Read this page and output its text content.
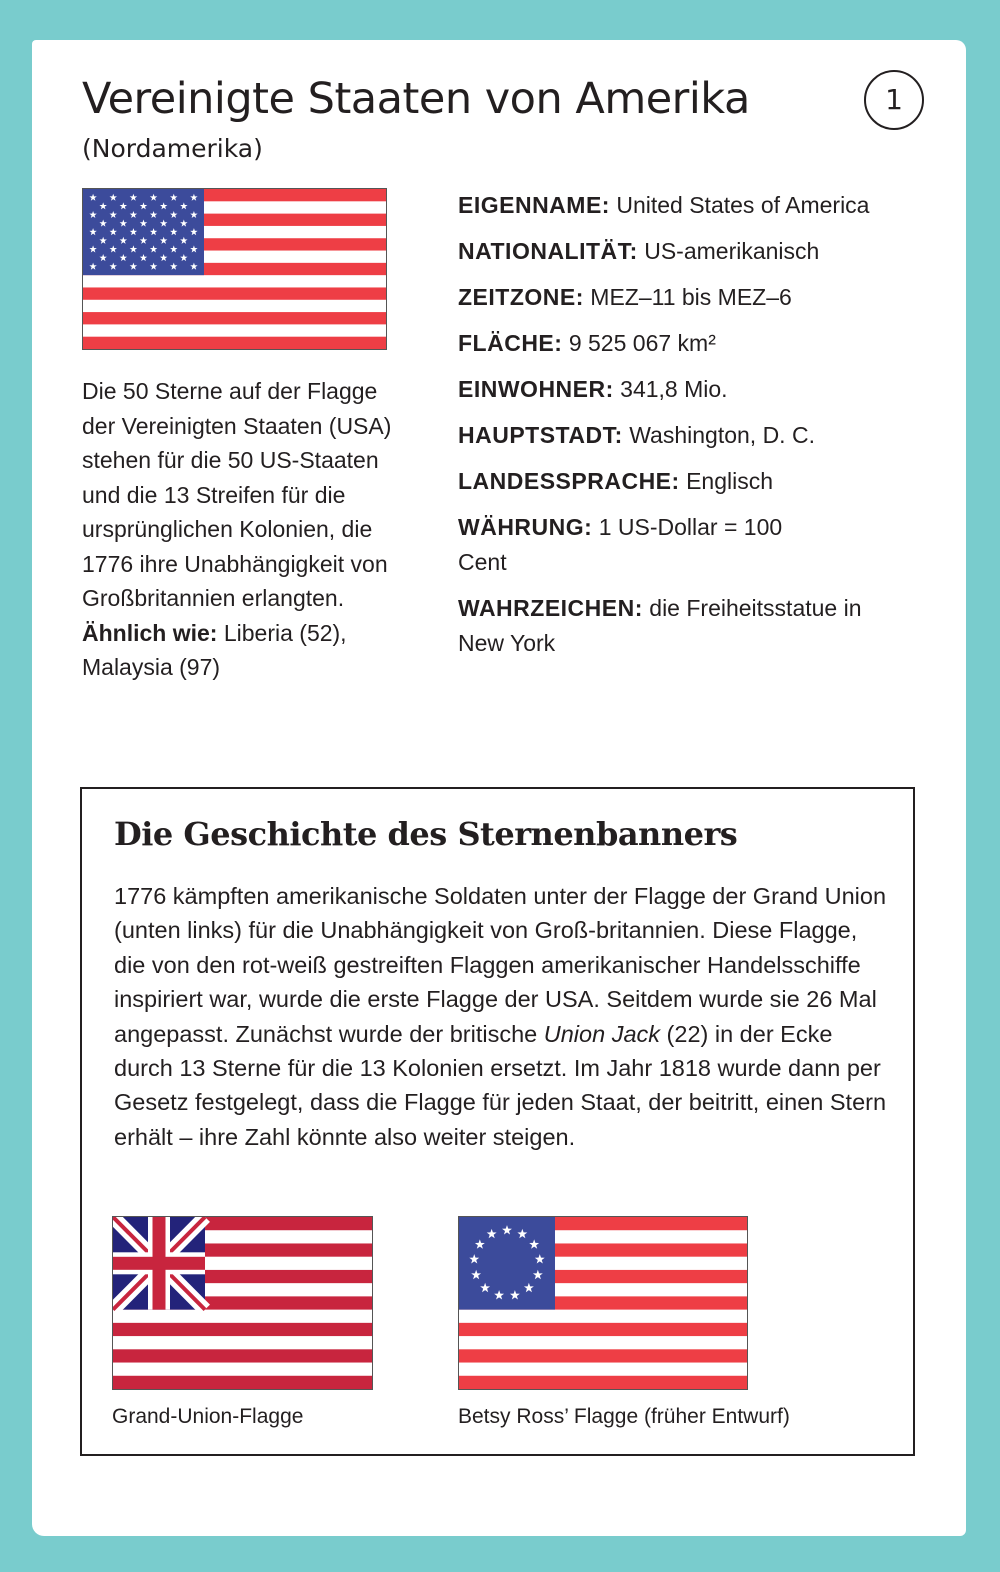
Vereinigte Staaten von Amerika
(Nordamerika)
1
Die 50 Sterne auf der Flagge der Vereinigten Staaten (USA) stehen für die 50 US-Staaten und die 13 Streifen für die ursprünglichen Kolonien, die 1776 ihre Unabhängigkeit von Großbritannien erlangten. Ähnlich wie: Liberia (52), Malaysia (97)
EIGENNAME: United States of America
NATIONALITÄT: US-amerikanisch
ZEITZONE: MEZ–11 bis MEZ–6
FLÄCHE: 9 525 067 km²
EINWOHNER: 341,8 Mio.
HAUPTSTADT: Washington, D. C.
LANDESSPRACHE: Englisch
WÄHRUNG: 1 US-Dollar = 100 Cent
WAHRZEICHEN: die Freiheitsstatue in New York
Die Geschichte des Sternenbanners
1776 kämpften amerikanische Soldaten unter der Flagge der Grand Union (unten links) für die Unabhängigkeit von Groß-britannien. Diese Flagge, die von den rot-weiß gestreiften Flaggen amerikanischer Handelsschiffe inspiriert war, wurde die erste Flagge der USA. Seitdem wurde sie 26 Mal angepasst. Zunächst wurde der britische Union Jack (22) in der Ecke durch 13 Sterne für die 13 Kolonien ersetzt. Im Jahr 1818 wurde dann per Gesetz festgelegt, dass die Flagge für jeden Staat, der beitritt, einen Stern erhält – ihre Zahl könnte also weiter steigen.
Grand-Union-Flagge	Betsy Ross’ Flagge (früher Entwurf)
